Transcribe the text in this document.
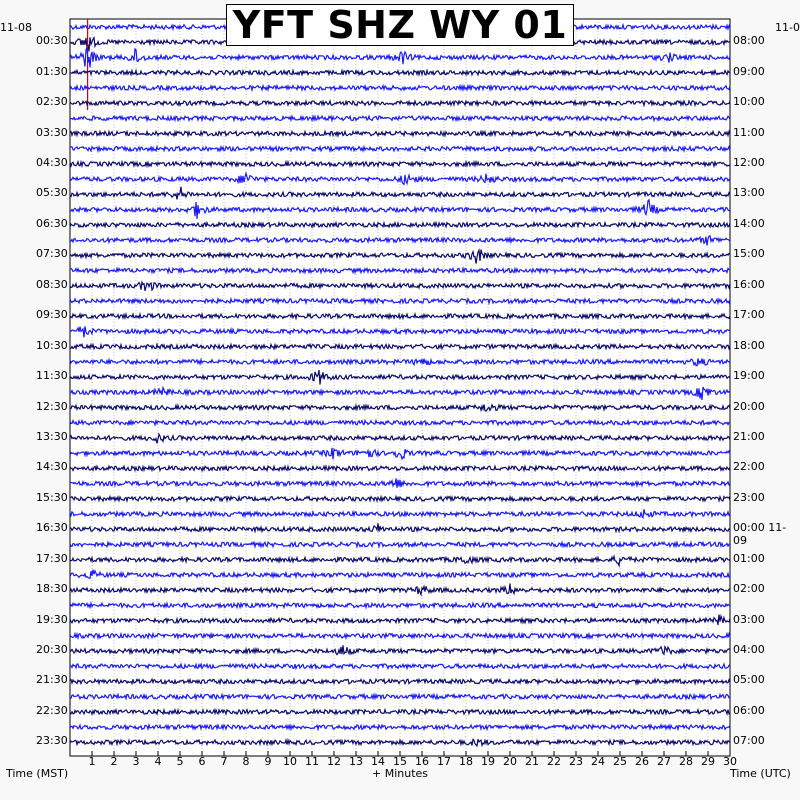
YFT SHZ WY 01
11-08	11-0
00:30
01:30
02:30
03:30
04:30
05:30
06:30
07:30
08:30
09:30
10:30
11:30
12:30
13:30
14:30
15:30
16:30
17:30
18:30
19:30
20:30
21:30
22:30
23:30
08:00
09:00
10:00
11:00
12:00
13:00
14:00
15:00
16:00
17:00
18:00
19:00
20:00
21:00
22:00
23:00
00:00 11-09
01:00
02:00
03:00
04:00
05:00
06:00
07:00
1 2 3 4 5 6 7 8 9 10 11 12 13 14 15 16 17 18 19 20 21 22 23 24 25 26 27 28 29 30
Time (MST)	+ Minutes	Time (UTC)
